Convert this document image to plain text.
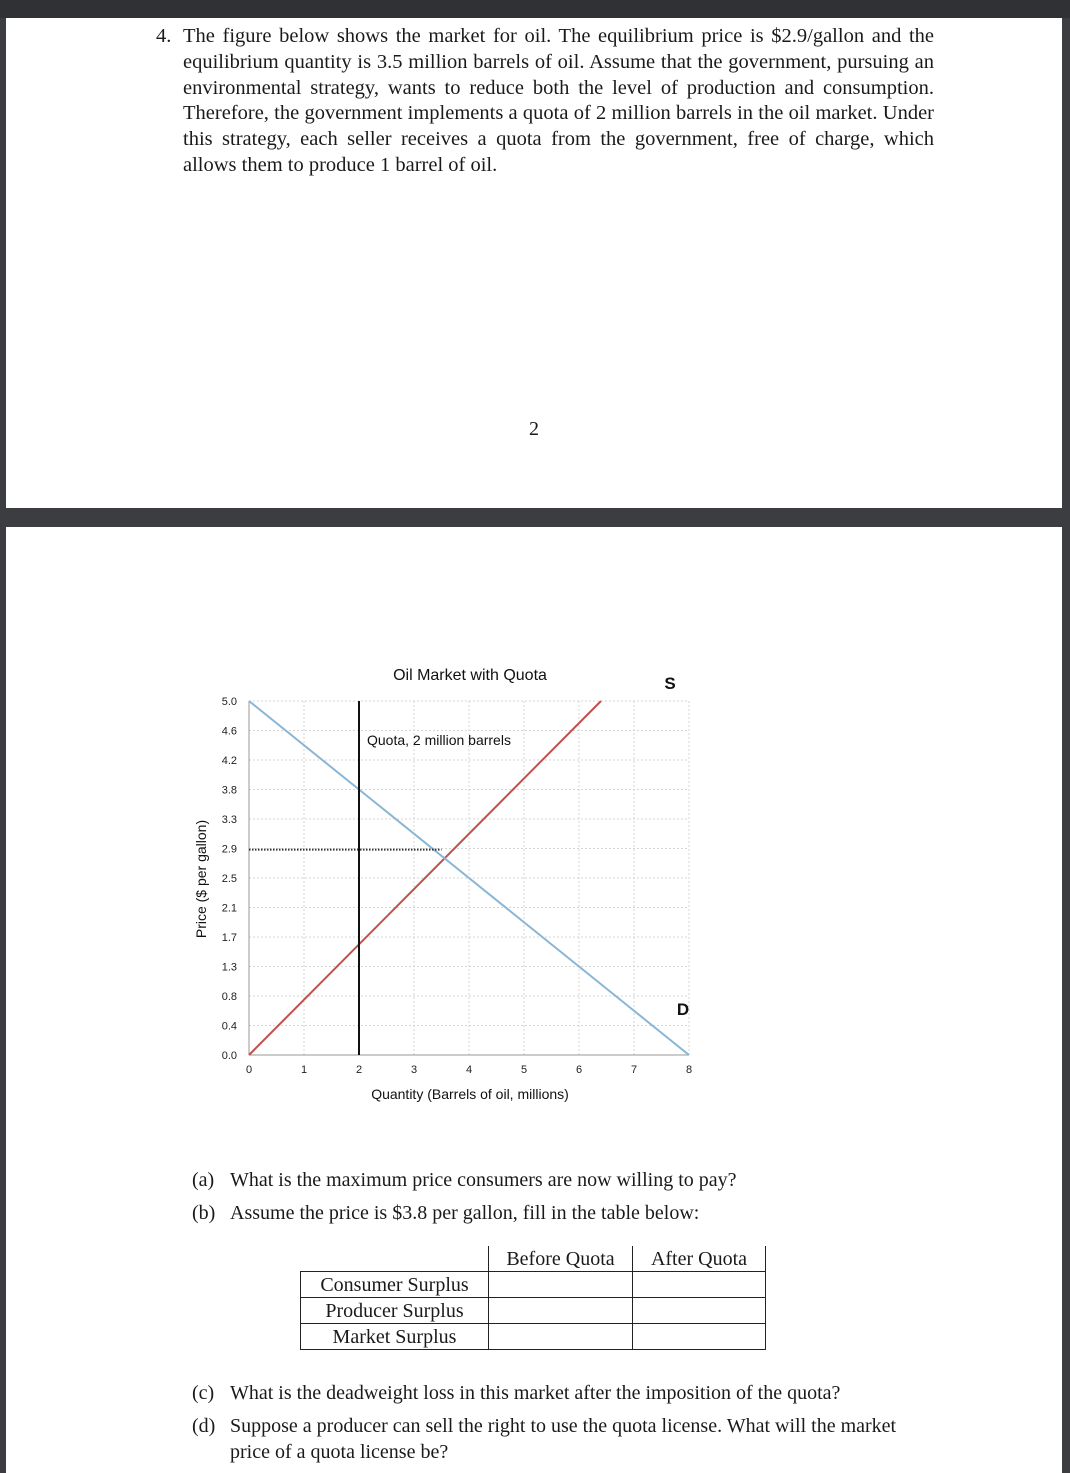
4. The figure below shows the market for oil. The equilibrium price is $2.9/gallon and the equilibrium quantity is 3.5 million barrels of oil. Assume that the government, pursuing an environmental strategy, wants to reduce both the level of production and consumption. Therefore, the government implements a quota of 2 million barrels in the oil market. Under this strategy, each seller receives a quota from the government, free of charge, which allows them to produce 1 barrel of oil.
2
Oil Market with Quota
Price ($ per gallon)
Quantity (Barrels of oil, millions)
0	1	2	3	4	5	6	7	8
5.0
4.6
4.2
3.8
3.3
2.9
2.5
2.1
1.7
1.3
0.8
0.4
0.0
Quota, 2 million barrels
S
D
(a) What is the maximum price consumers are now willing to pay?
(b) Assume the price is $3.8 per gallon, fill in the table below:
	Before Quota	After Quota
Consumer Surplus		
Producer Surplus		
Market Surplus		
(c) What is the deadweight loss in this market after the imposition of the quota?
(d) Suppose a producer can sell the right to use the quota license. What will the market price of a quota license be?
